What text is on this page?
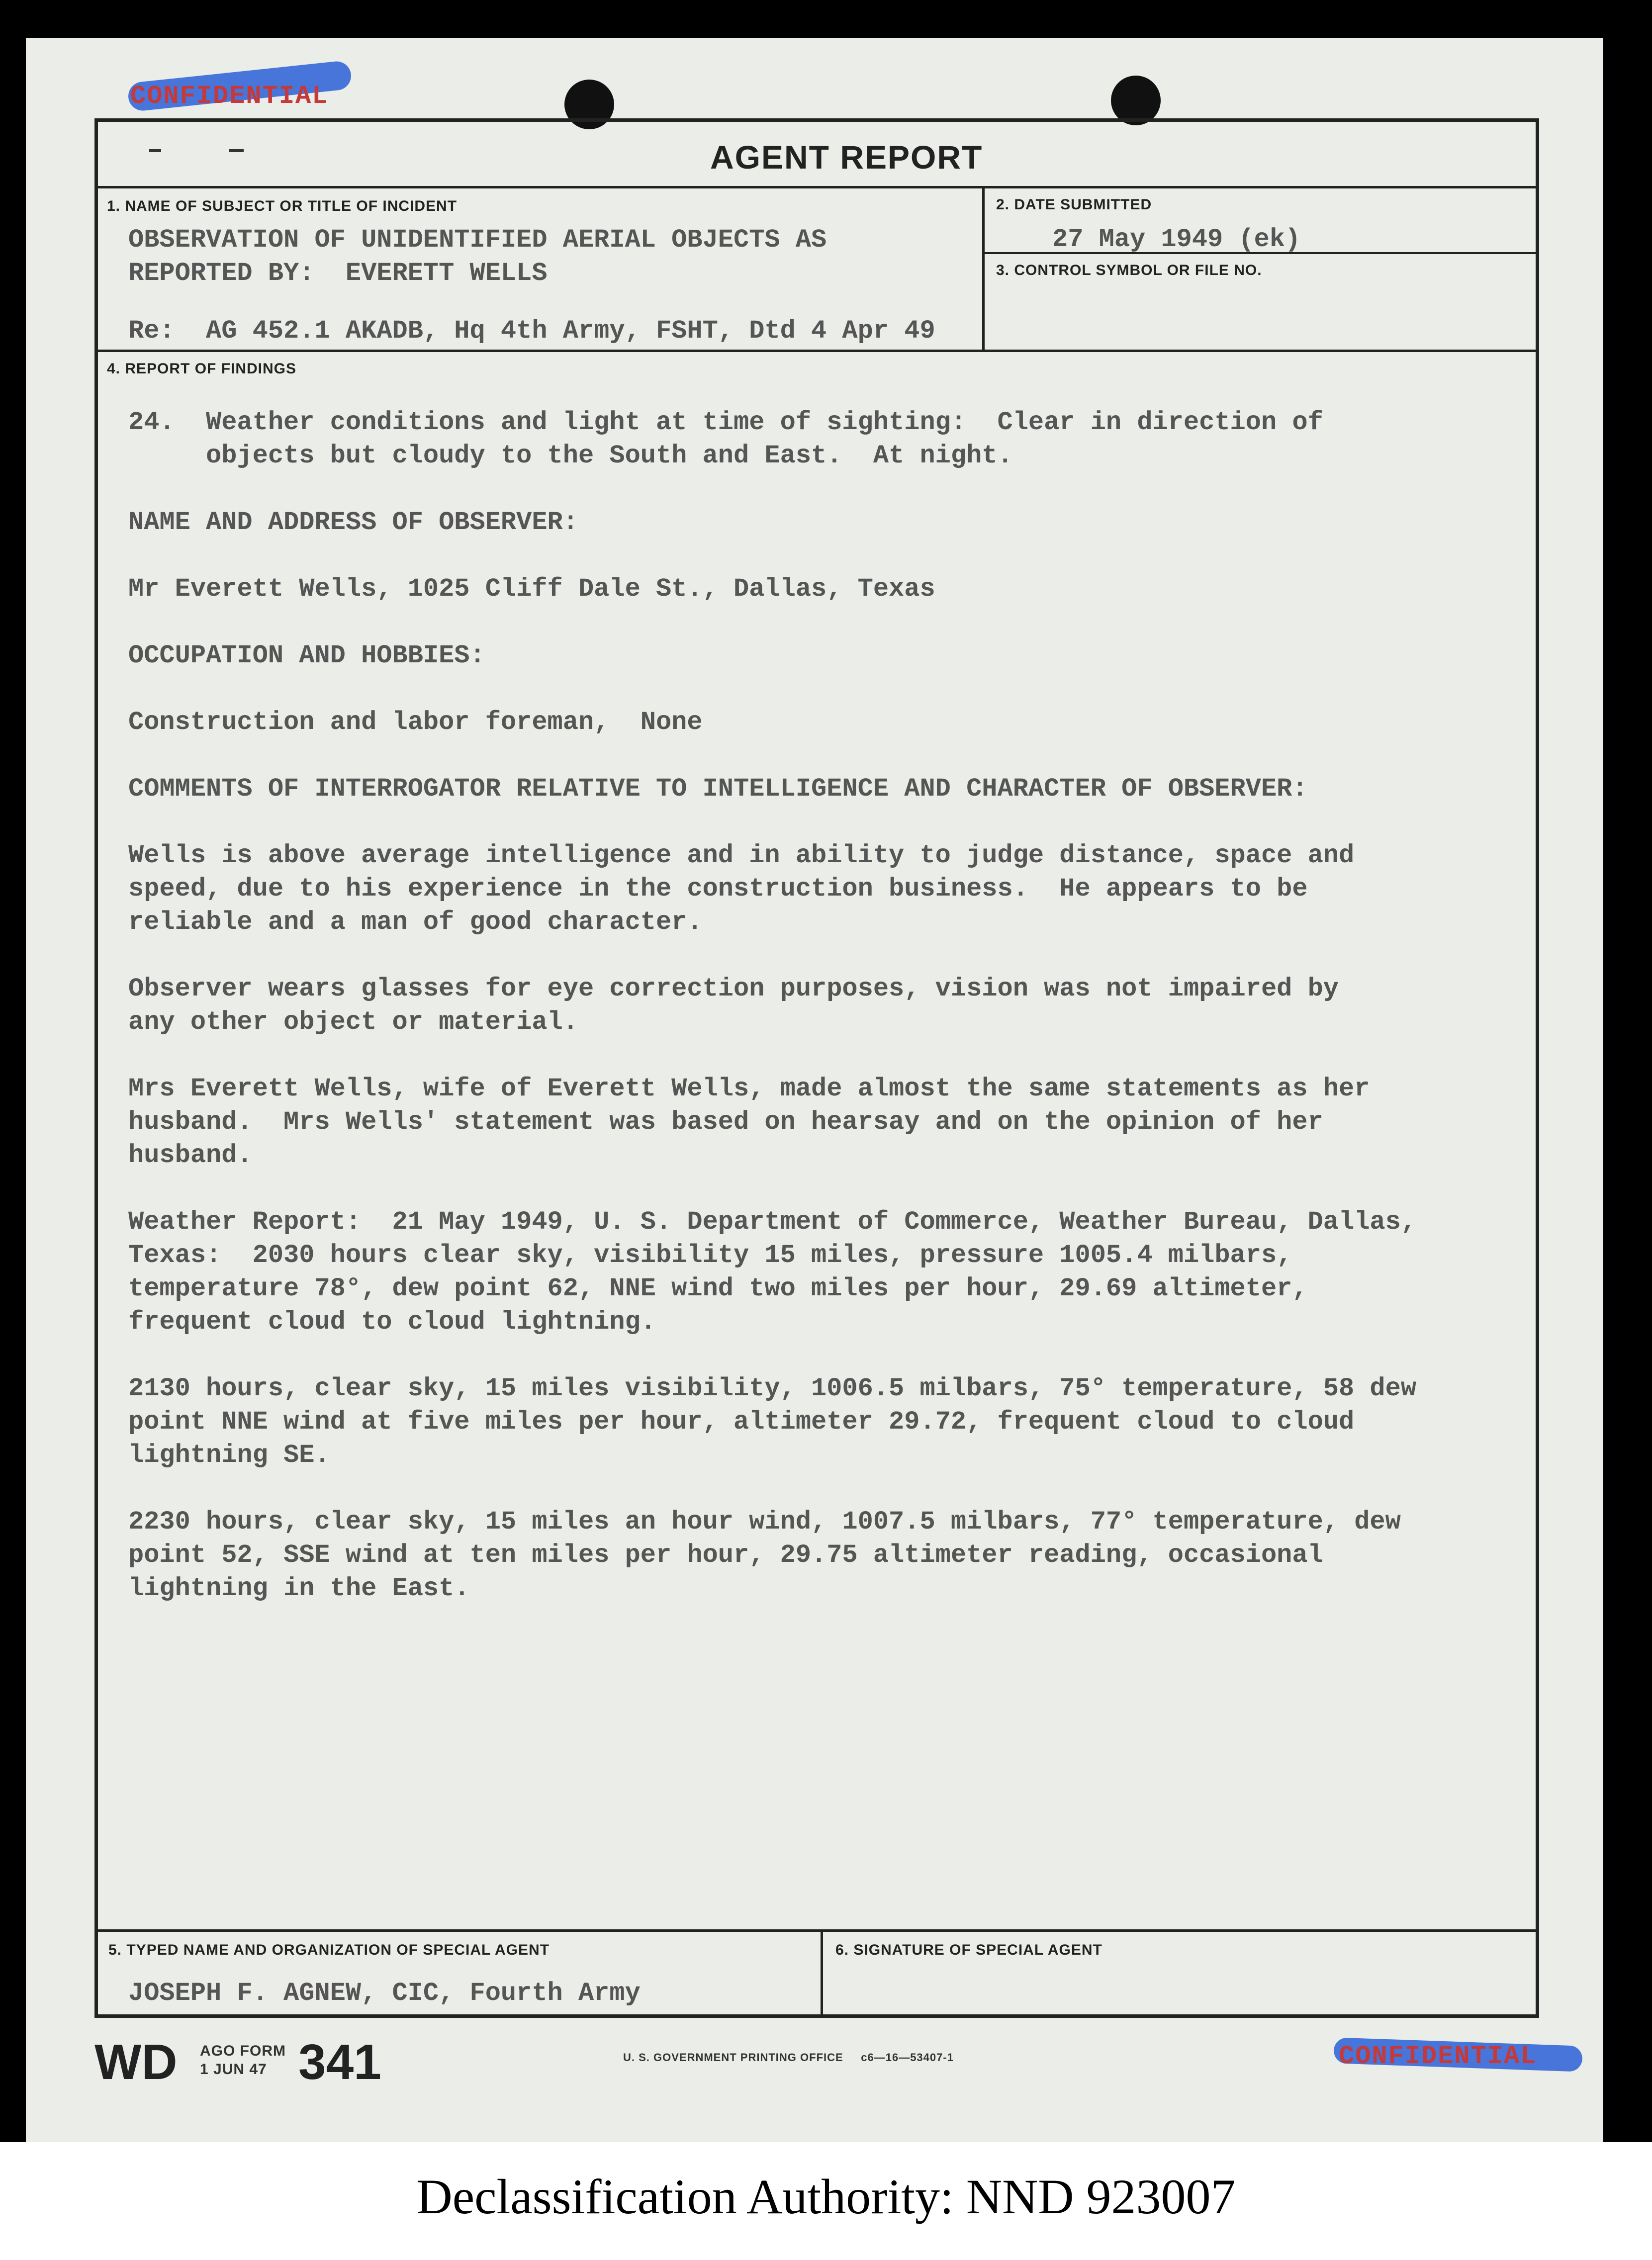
Declassification Authority: NND 923007
CONFIDENTIAL
CONFIDENTIAL
AGENT REPORT
1. NAME OF SUBJECT OR TITLE OF INCIDENT
OBSERVATION OF UNIDENTIFIED AERIAL OBJECTS AS
REPORTED BY:  EVERETT WELLS
Re:  AG 452.1 AKADB, Hq 4th Army, FSHT, Dtd 4 Apr 49
2. DATE SUBMITTED
27 May 1949 (ek)
3. CONTROL SYMBOL OR FILE NO.
4. REPORT OF FINDINGS
24.  Weather conditions and light at time of sighting:  Clear in direction of
objects but cloudy to the South and East.  At night.
NAME AND ADDRESS OF OBSERVER:
Mr Everett Wells, 1025 Cliff Dale St., Dallas, Texas
OCCUPATION AND HOBBIES:
Construction and labor foreman,  None
COMMENTS OF INTERROGATOR RELATIVE TO INTELLIGENCE AND CHARACTER OF OBSERVER:
Wells is above average intelligence and in ability to judge distance, space and
speed, due to his experience in the construction business.  He appears to be
reliable and a man of good character.
Observer wears glasses for eye correction purposes, vision was not impaired by
any other object or material.
Mrs Everett Wells, wife of Everett Wells, made almost the same statements as her
husband.  Mrs Wells' statement was based on hearsay and on the opinion of her
husband.
Weather Report:  21 May 1949, U. S. Department of Commerce, Weather Bureau, Dallas,
Texas:  2030 hours clear sky, visibility 15 miles, pressure 1005.4 milbars,
temperature 78°, dew point 62, NNE wind two miles per hour, 29.69 altimeter,
frequent cloud to cloud lightning.
2130 hours, clear sky, 15 miles visibility, 1006.5 milbars, 75° temperature, 58 dew
point NNE wind at five miles per hour, altimeter 29.72, frequent cloud to cloud
lightning SE.
2230 hours, clear sky, 15 miles an hour wind, 1007.5 milbars, 77° temperature, dew
point 52, SSE wind at ten miles per hour, 29.75 altimeter reading, occasional
lightning in the East.
5. TYPED NAME AND ORGANIZATION OF SPECIAL AGENT
JOSEPH F. AGNEW, CIC, Fourth Army
6. SIGNATURE OF SPECIAL AGENT
WD AGO FORM
1 JUN 47 341	U. S. GOVERNMENT PRINTING OFFICE     c6—16—53407-1
